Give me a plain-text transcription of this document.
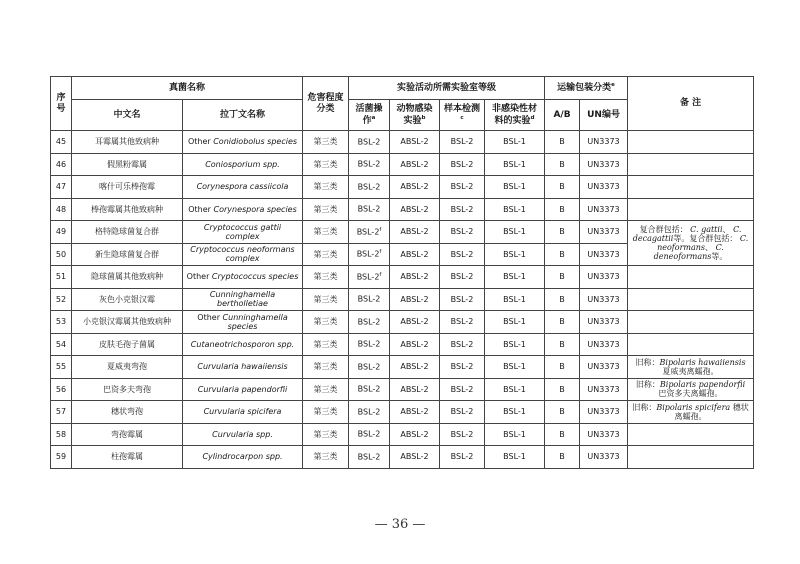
序号	真菌名称		危害程度分类	实验活动所需实验室等级				运输包装分类$^e$		备 注
	中文名	拉丁文名称		活菌操作$^a$	动物感染实验$^b$	样本检测$^c$	非感染性材料的实验$^d$	A/B	UN编号	
45	耳霉属其他致病种	Other Conidiobolus species	第三类	BSL-2	ABSL-2	BSL-2	BSL-1	B	UN3373	
46	假黑粉霉属	Coniosporium spp.	第三类	BSL-2	ABSL-2	BSL-2	BSL-1	B	UN3373	
47	喀什可乐棒孢霉	Corynespora cassiicola	第三类	BSL-2	ABSL-2	BSL-2	BSL-1	B	UN3373	
48	棒孢霉属其他致病种	Other Corynespora species	第三类	BSL-2	ABSL-2	BSL-2	BSL-1	B	UN3373	
49	格特隐球菌复合群	Cryptococcus gattii complex	第三类	BSL-2$^f$	ABSL-2	BSL-2	BSL-1	B	UN3373	复合群包括： C. gattii、 C. decagattii等。复合群包括： C. neoformans、 C. deneoformans等。
50	新生隐球菌复合群	Cryptococcus neoformans complex	第三类	BSL-2$^f$	ABSL-2	BSL-2	BSL-1	B	UN3373	
51	隐球菌属其他致病种	Other Cryptococcus species	第三类	BSL-2$^f$	ABSL-2	BSL-2	BSL-1	B	UN3373	
52	灰色小克银汉霉	Cunninghamella bertholletiae	第三类	BSL-2	ABSL-2	BSL-2	BSL-1	B	UN3373	
53	小克银汉霉属其他致病种	Other Cunninghamella species	第三类	BSL-2	ABSL-2	BSL-2	BSL-1	B	UN3373	
54	皮肤毛孢子菌属	Cutaneotrichosporon spp.	第三类	BSL-2	ABSL-2	BSL-2	BSL-1	B	UN3373	
55	夏威夷弯孢	Curvularia hawaiiensis	第三类	BSL-2	ABSL-2	BSL-2	BSL-1	B	UN3373	旧称：Bipolaris hawaiiensis 夏威夷离蠕孢。
56	巴资多夫弯孢	Curvularia papendorfii	第三类	BSL-2	ABSL-2	BSL-2	BSL-1	B	UN3373	旧称：Bipolaris papendorfii 巴资多夫离蠕孢。
57	穗状弯孢	Curvularia spicifera	第三类	BSL-2	ABSL-2	BSL-2	BSL-1	B	UN3373	旧称：Bipolaris spicifera 穗状离蠕孢。
58	弯孢霉属	Curvularia spp.	第三类	BSL-2	ABSL-2	BSL-2	BSL-1	B	UN3373	
59	柱孢霉属	Cylindrocarpon spp.	第三类	BSL-2	ABSL-2	BSL-2	BSL-1	B	UN3373	
— 36 —
